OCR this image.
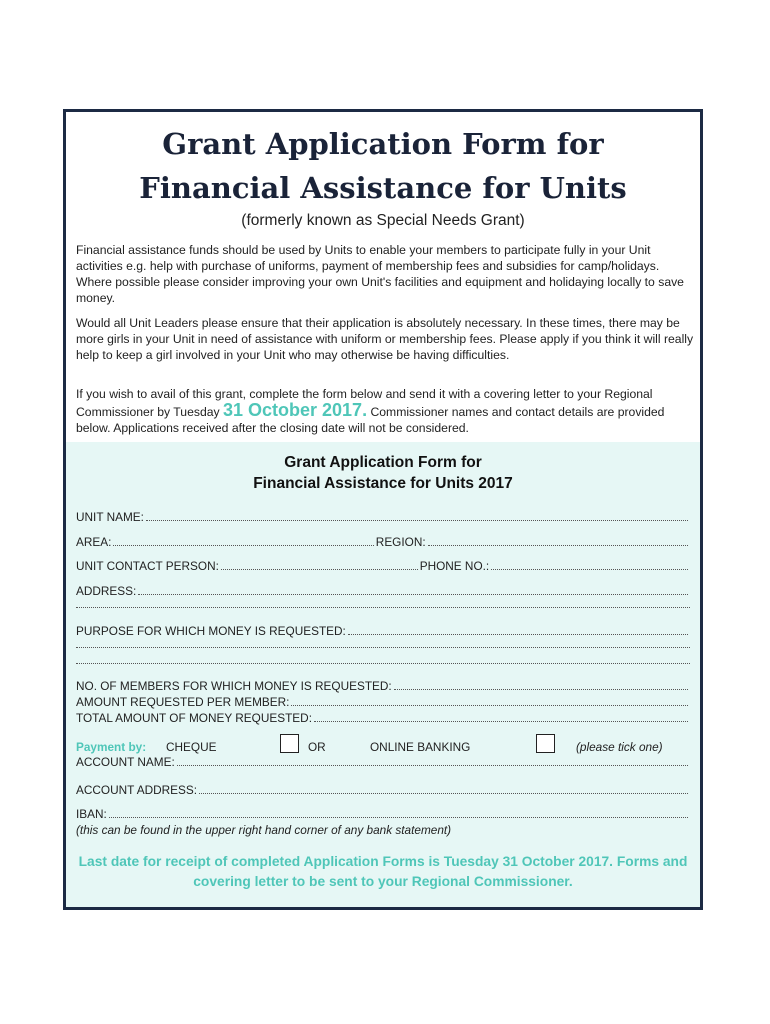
Grant Application Form for
Financial Assistance for Units

(formerly known as Special Needs Grant)

Financial assistance funds should be used by Units to enable your members to participate fully in your Unit activities e.g. help with purchase of uniforms, payment of membership fees and subsidies for camp/holidays. Where possible please consider improving your own Unit's facilities and equipment and holidaying locally to save money.

Would all Unit Leaders please ensure that their application is absolutely necessary. In these times, there may be more girls in your Unit in need of assistance with uniform or membership fees. Please apply if you think it will really help to keep a girl involved in your Unit who may otherwise be having difficulties.

If you wish to avail of this grant, complete the form below and send it with a covering letter to your Regional Commissioner by Tuesday 31 October 2017. Commissioner names and contact details are provided below. Applications received after the closing date will not be considered.

Grant Application Form for
Financial Assistance for Units 2017
UNIT NAME:
AREA:	REGION:
UNIT CONTACT PERSON:	PHONE NO.:
ADDRESS:
PURPOSE FOR WHICH MONEY IS REQUESTED:
NO. OF MEMBERS FOR WHICH MONEY IS REQUESTED:
AMOUNT REQUESTED PER MEMBER:
TOTAL AMOUNT OF MONEY REQUESTED:
Payment by: CHEQUE	OR	ONLINE BANKING	(please tick one)
ACCOUNT NAME:
ACCOUNT ADDRESS:
IBAN:
(this can be found in the upper right hand corner of any bank statement)

Last date for receipt of completed Application Forms is Tuesday 31 October 2017. Forms and covering letter to be sent to your Regional Commissioner.
